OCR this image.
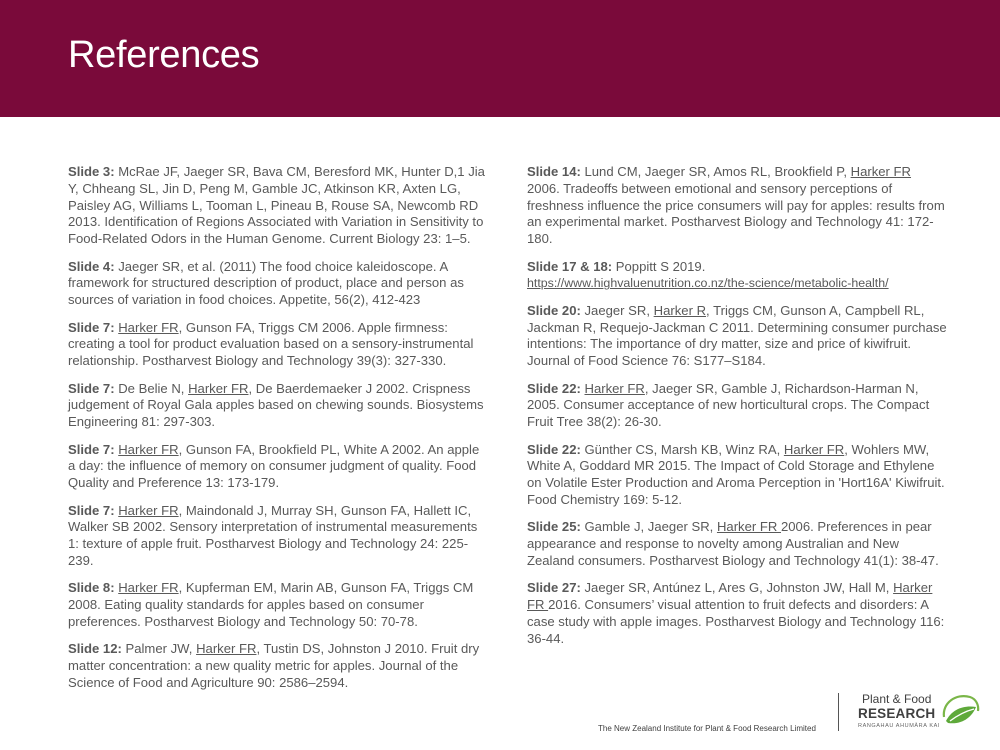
References

Slide 3: McRae JF, Jaeger SR, Bava CM, Beresford MK, Hunter D,1 Jia Y, Chheang SL, Jin D, Peng M, Gamble JC, Atkinson KR, Axten LG, Paisley AG, Williams L, Tooman L, Pineau B, Rouse SA, Newcomb RD 2013. Identification of Regions Associated with Variation in Sensitivity to Food-Related Odors in the Human Genome. Current Biology 23: 1–5.

Slide 4: Jaeger SR, et al. (2011) The food choice kaleidoscope. A framework for structured description of product, place and person as sources of variation in food choices. Appetite, 56(2), 412-423

Slide 7: Harker FR, Gunson FA, Triggs CM 2006. Apple firmness: creating a tool for product evaluation based on a sensory-instrumental relationship. Postharvest Biology and Technology 39(3): 327-330.

Slide 7: De Belie N, Harker FR, De Baerdemaeker J 2002. Crispness judgement of Royal Gala apples based on chewing sounds. Biosystems Engineering 81: 297-303.

Slide 7: Harker FR, Gunson FA, Brookfield PL, White A 2002. An apple a day: the influence of memory on consumer judgment of quality. Food Quality and Preference 13: 173-179.

Slide 7: Harker FR, Maindonald J, Murray SH, Gunson FA, Hallett IC, Walker SB 2002. Sensory interpretation of instrumental measurements 1: texture of apple fruit. Postharvest Biology and Technology 24: 225-239.

Slide 8: Harker FR, Kupferman EM, Marin AB, Gunson FA, Triggs CM 2008. Eating quality standards for apples based on consumer preferences. Postharvest Biology and Technology 50: 70-78.

Slide 12: Palmer JW, Harker FR, Tustin DS, Johnston J 2010. Fruit dry matter concentration: a new quality metric for apples. Journal of the Science of Food and Agriculture 90: 2586–2594.

Slide 14: Lund CM, Jaeger SR, Amos RL, Brookfield P, Harker FR 2006. Tradeoffs between emotional and sensory perceptions of freshness influence the price consumers will pay for apples: results from an experimental market. Postharvest Biology and Technology 41: 172-180.

Slide 17 & 18: Poppitt S 2019.
https://www.highvaluenutrition.co.nz/the-science/metabolic-health/

Slide 20: Jaeger SR, Harker R, Triggs CM, Gunson A, Campbell RL, Jackman R, Requejo-Jackman C 2011. Determining consumer purchase intentions: The importance of dry matter, size and price of kiwifruit. Journal of Food Science 76: S177–S184.

Slide 22: Harker FR, Jaeger SR, Gamble J, Richardson-Harman N, 2005. Consumer acceptance of new horticultural crops. The Compact Fruit Tree 38(2): 26-30.

Slide 22: Günther CS, Marsh KB, Winz RA, Harker FR, Wohlers MW, White A, Goddard MR 2015. The Impact of Cold Storage and Ethylene on Volatile Ester Production and Aroma Perception in 'Hort16A' Kiwifruit. Food Chemistry 169: 5-12.

Slide 25: Gamble J, Jaeger SR, Harker FR 2006. Preferences in pear appearance and response to novelty among Australian and New Zealand consumers. Postharvest Biology and Technology 41(1): 38-47.

Slide 27: Jaeger SR, Antúnez L, Ares G, Johnston JW, Hall M, Harker FR 2016. Consumers’ visual attention to fruit defects and disorders: A case study with apple images. Postharvest Biology and Technology 116: 36-44.

The New Zealand Institute for Plant & Food Research Limited
Plant & Food
RESEARCH
RANGAHAU AHUMĀRA KAI
